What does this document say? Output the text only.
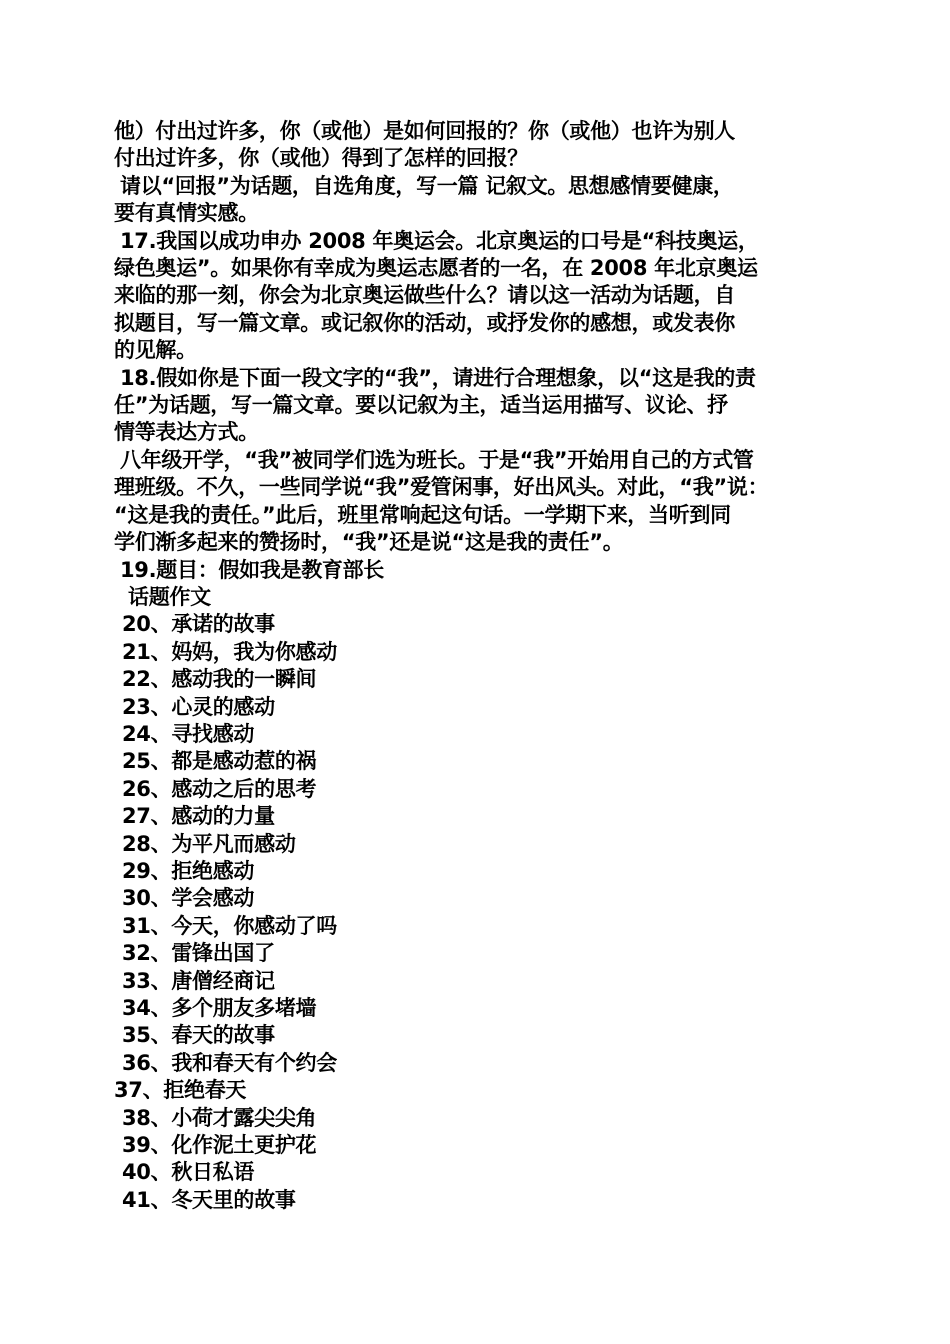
他）付出过许多，你（或他）是如何回报的？你（或他）也许为别人
付出过许多，你（或他）得到了怎样的回报？
请以“回报”为话题，自选角度，写一篇 记叙文。思想感情要健康，
要有真情实感。
17.我国以成功申办 2008 年奥运会。北京奥运的口号是“科技奥运，
绿色奥运”。如果你有幸成为奥运志愿者的一名，在 2008 年北京奥运
来临的那一刻，你会为北京奥运做些什么？请以这一活动为话题，自
拟题目，写一篇文章。或记叙你的活动，或抒发你的感想，或发表你
的见解。
18.假如你是下面一段文字的“我”，请进行合理想象，以“这是我的责
任”为话题，写一篇文章。要以记叙为主，适当运用描写、议论、抒
情等表达方式。
八年级开学，“我”被同学们选为班长。于是“我”开始用自己的方式管
理班级。不久，一些同学说“我”爱管闲事，好出风头。对此，“我”说：
“这是我的责任。”此后，班里常响起这句话。一学期下来，当听到同
学们渐多起来的赞扬时，“我”还是说“这是我的责任”。
19.题目：假如我是教育部长
话题作文
20、承诺的故事
21、妈妈，我为你感动
22、感动我的一瞬间
23、心灵的感动
24、寻找感动
25、都是感动惹的祸
26、感动之后的思考
27、感动的力量
28、为平凡而感动
29、拒绝感动
30、学会感动
31、今天，你感动了吗
32、雷锋出国了
33、唐僧经商记
34、多个朋友多堵墙
35、春天的故事
36、我和春天有个约会
37、拒绝春天
38、小荷才露尖尖角
39、化作泥土更护花
40、秋日私语
41、冬天里的故事
